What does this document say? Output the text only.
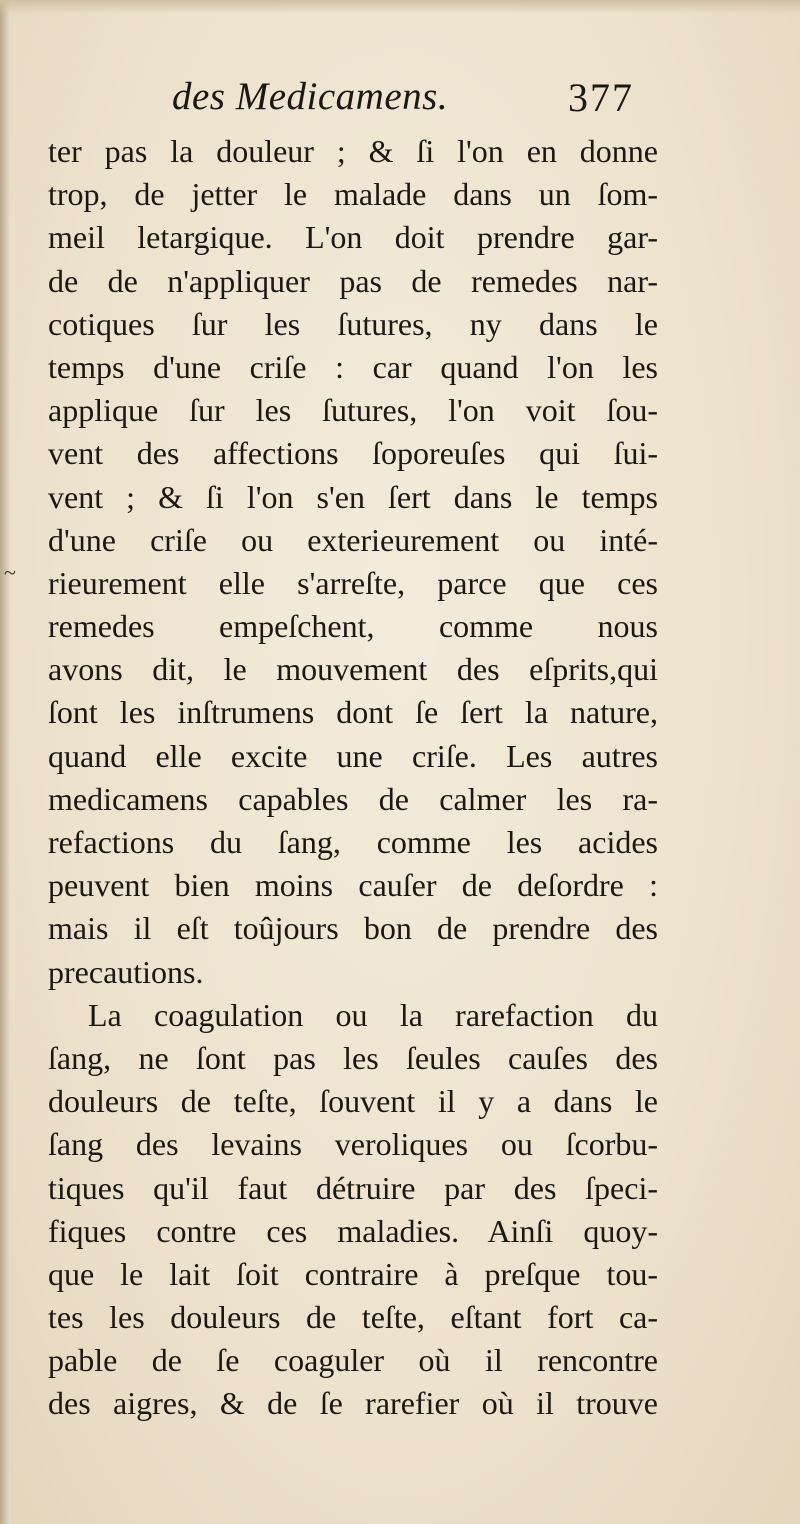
des Medicamens.	377
~
ter pas la douleur ; & ſi l'on en donne
trop, de jetter le malade dans un ſom-
meil letargique. L'on doit prendre gar-
de de n'appliquer pas de remedes nar-
cotiques ſur les ſutures, ny dans le
temps d'une criſe : car quand l'on les
applique ſur les ſutures, l'on voit ſou-
vent des affections ſoporeuſes qui ſui-
vent ; & ſi l'on s'en ſert dans le temps
d'une criſe ou exterieurement ou inté-
rieurement elle s'arreſte, parce que ces
remedes empeſchent, comme nous
avons dit, le mouvement des eſprits,qui
ſont les inſtrumens dont ſe ſert la nature,
quand elle excite une criſe. Les autres
medicamens capables de calmer les ra-
refactions du ſang, comme les acides
peuvent bien moins cauſer de deſordre :
mais il eſt toûjours bon de prendre des
precautions.
La coagulation ou la rarefaction du
ſang, ne ſont pas les ſeules cauſes des
douleurs de teſte, ſouvent il y a dans le
ſang des levains veroliques ou ſcorbu-
tiques qu'il faut détruire par des ſpeci-
fiques contre ces maladies. Ainſi quoy-
que le lait ſoit contraire à preſque tou-
tes les douleurs de teſte, eſtant fort ca-
pable de ſe coaguler où il rencontre
des aigres, & de ſe rarefier où il trouve
